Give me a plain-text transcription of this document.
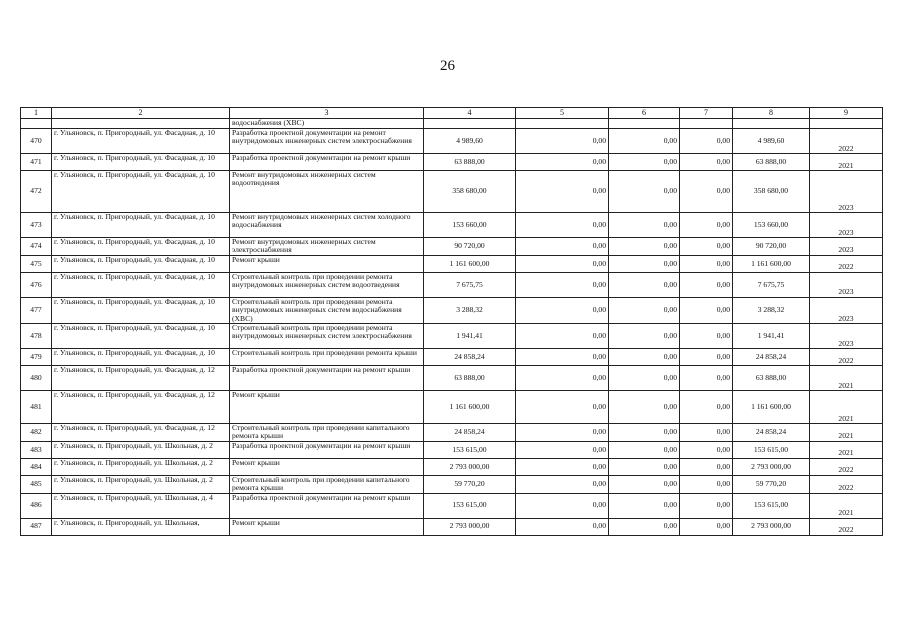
26
1	2	3	4	5	6	7	8	9
		водоснабжения (ХВС)						
470	г. Ульяновск, п. Пригородный, ул. Фасадная, д. 10	Разработка проектной документации на ремонт внутридомовых инженерных систем электроснабжения	4 989,60	0,00	0,00	0,00	4 989,60	2022
471	г. Ульяновск, п. Пригородный, ул. Фасадная, д. 10	Разработка проектной документации на ремонт крыши	63 888,00	0,00	0,00	0,00	63 888,00	2021
472	г. Ульяновск, п. Пригородный, ул. Фасадная, д. 10	Ремонт внутридомовых инженерных систем водоотведения	358 680,00	0,00	0,00	0,00	358 680,00	2023
473	г. Ульяновск, п. Пригородный, ул. Фасадная, д. 10	Ремонт внутридомовых инженерных систем холодного водоснабжения	153 660,00	0,00	0,00	0,00	153 660,00	2023
474	г. Ульяновск, п. Пригородный, ул. Фасадная, д. 10	Ремонт внутридомовых инженерных систем электроснабжения	90 720,00	0,00	0,00	0,00	90 720,00	2023
475	г. Ульяновск, п. Пригородный, ул. Фасадная, д. 10	Ремонт крыши	1 161 600,00	0,00	0,00	0,00	1 161 600,00	2022
476	г. Ульяновск, п. Пригородный, ул. Фасадная, д. 10	Строительный контроль при проведении ремонта внутридомовых инженерных систем водоотведения	7 675,75	0,00	0,00	0,00	7 675,75	2023
477	г. Ульяновск, п. Пригородный, ул. Фасадная, д. 10	Строительный контроль при проведении ремонта внутридомовых инженерных систем водоснабжения (ХВС)	3 288,32	0,00	0,00	0,00	3 288,32	2023
478	г. Ульяновск, п. Пригородный, ул. Фасадная, д. 10	Строительный контроль при проведении ремонта внутридомовых инженерных систем электроснабжения	1 941,41	0,00	0,00	0,00	1 941,41	2023
479	г. Ульяновск, п. Пригородный, ул. Фасадная, д. 10	Строительный контроль при проведении ремонта крыши	24 858,24	0,00	0,00	0,00	24 858,24	2022
480	г. Ульяновск, п. Пригородный, ул. Фасадная, д. 12	Разработка проектной документации на ремонт крыши	63 888,00	0,00	0,00	0,00	63 888,00	2021
481	г. Ульяновск, п. Пригородный, ул. Фасадная, д. 12	Ремонт крыши	1 161 600,00	0,00	0,00	0,00	1 161 600,00	2021
482	г. Ульяновск, п. Пригородный, ул. Фасадная, д. 12	Строительный контроль при проведении капитального ремонта крыши	24 858,24	0,00	0,00	0,00	24 858,24	2021
483	г. Ульяновск, п. Пригородный, ул. Школьная, д. 2	Разработка проектной документации на ремонт крыши	153 615,00	0,00	0,00	0,00	153 615,00	2021
484	г. Ульяновск, п. Пригородный, ул. Школьная, д. 2	Ремонт крыши	2 793 000,00	0,00	0,00	0,00	2 793 000,00	2022
485	г. Ульяновск, п. Пригородный, ул. Школьная, д. 2	Строительный контроль при проведении капитального ремонта крыши	59 770,20	0,00	0,00	0,00	59 770,20	2022
486	г. Ульяновск, п. Пригородный, ул. Школьная, д. 4	Разработка проектной документации на ремонт крыши	153 615,00	0,00	0,00	0,00	153 615,00	2021
487	г. Ульяновск, п. Пригородный, ул. Школьная,	Ремонт крыши	2 793 000,00	0,00	0,00	0,00	2 793 000,00	2022
